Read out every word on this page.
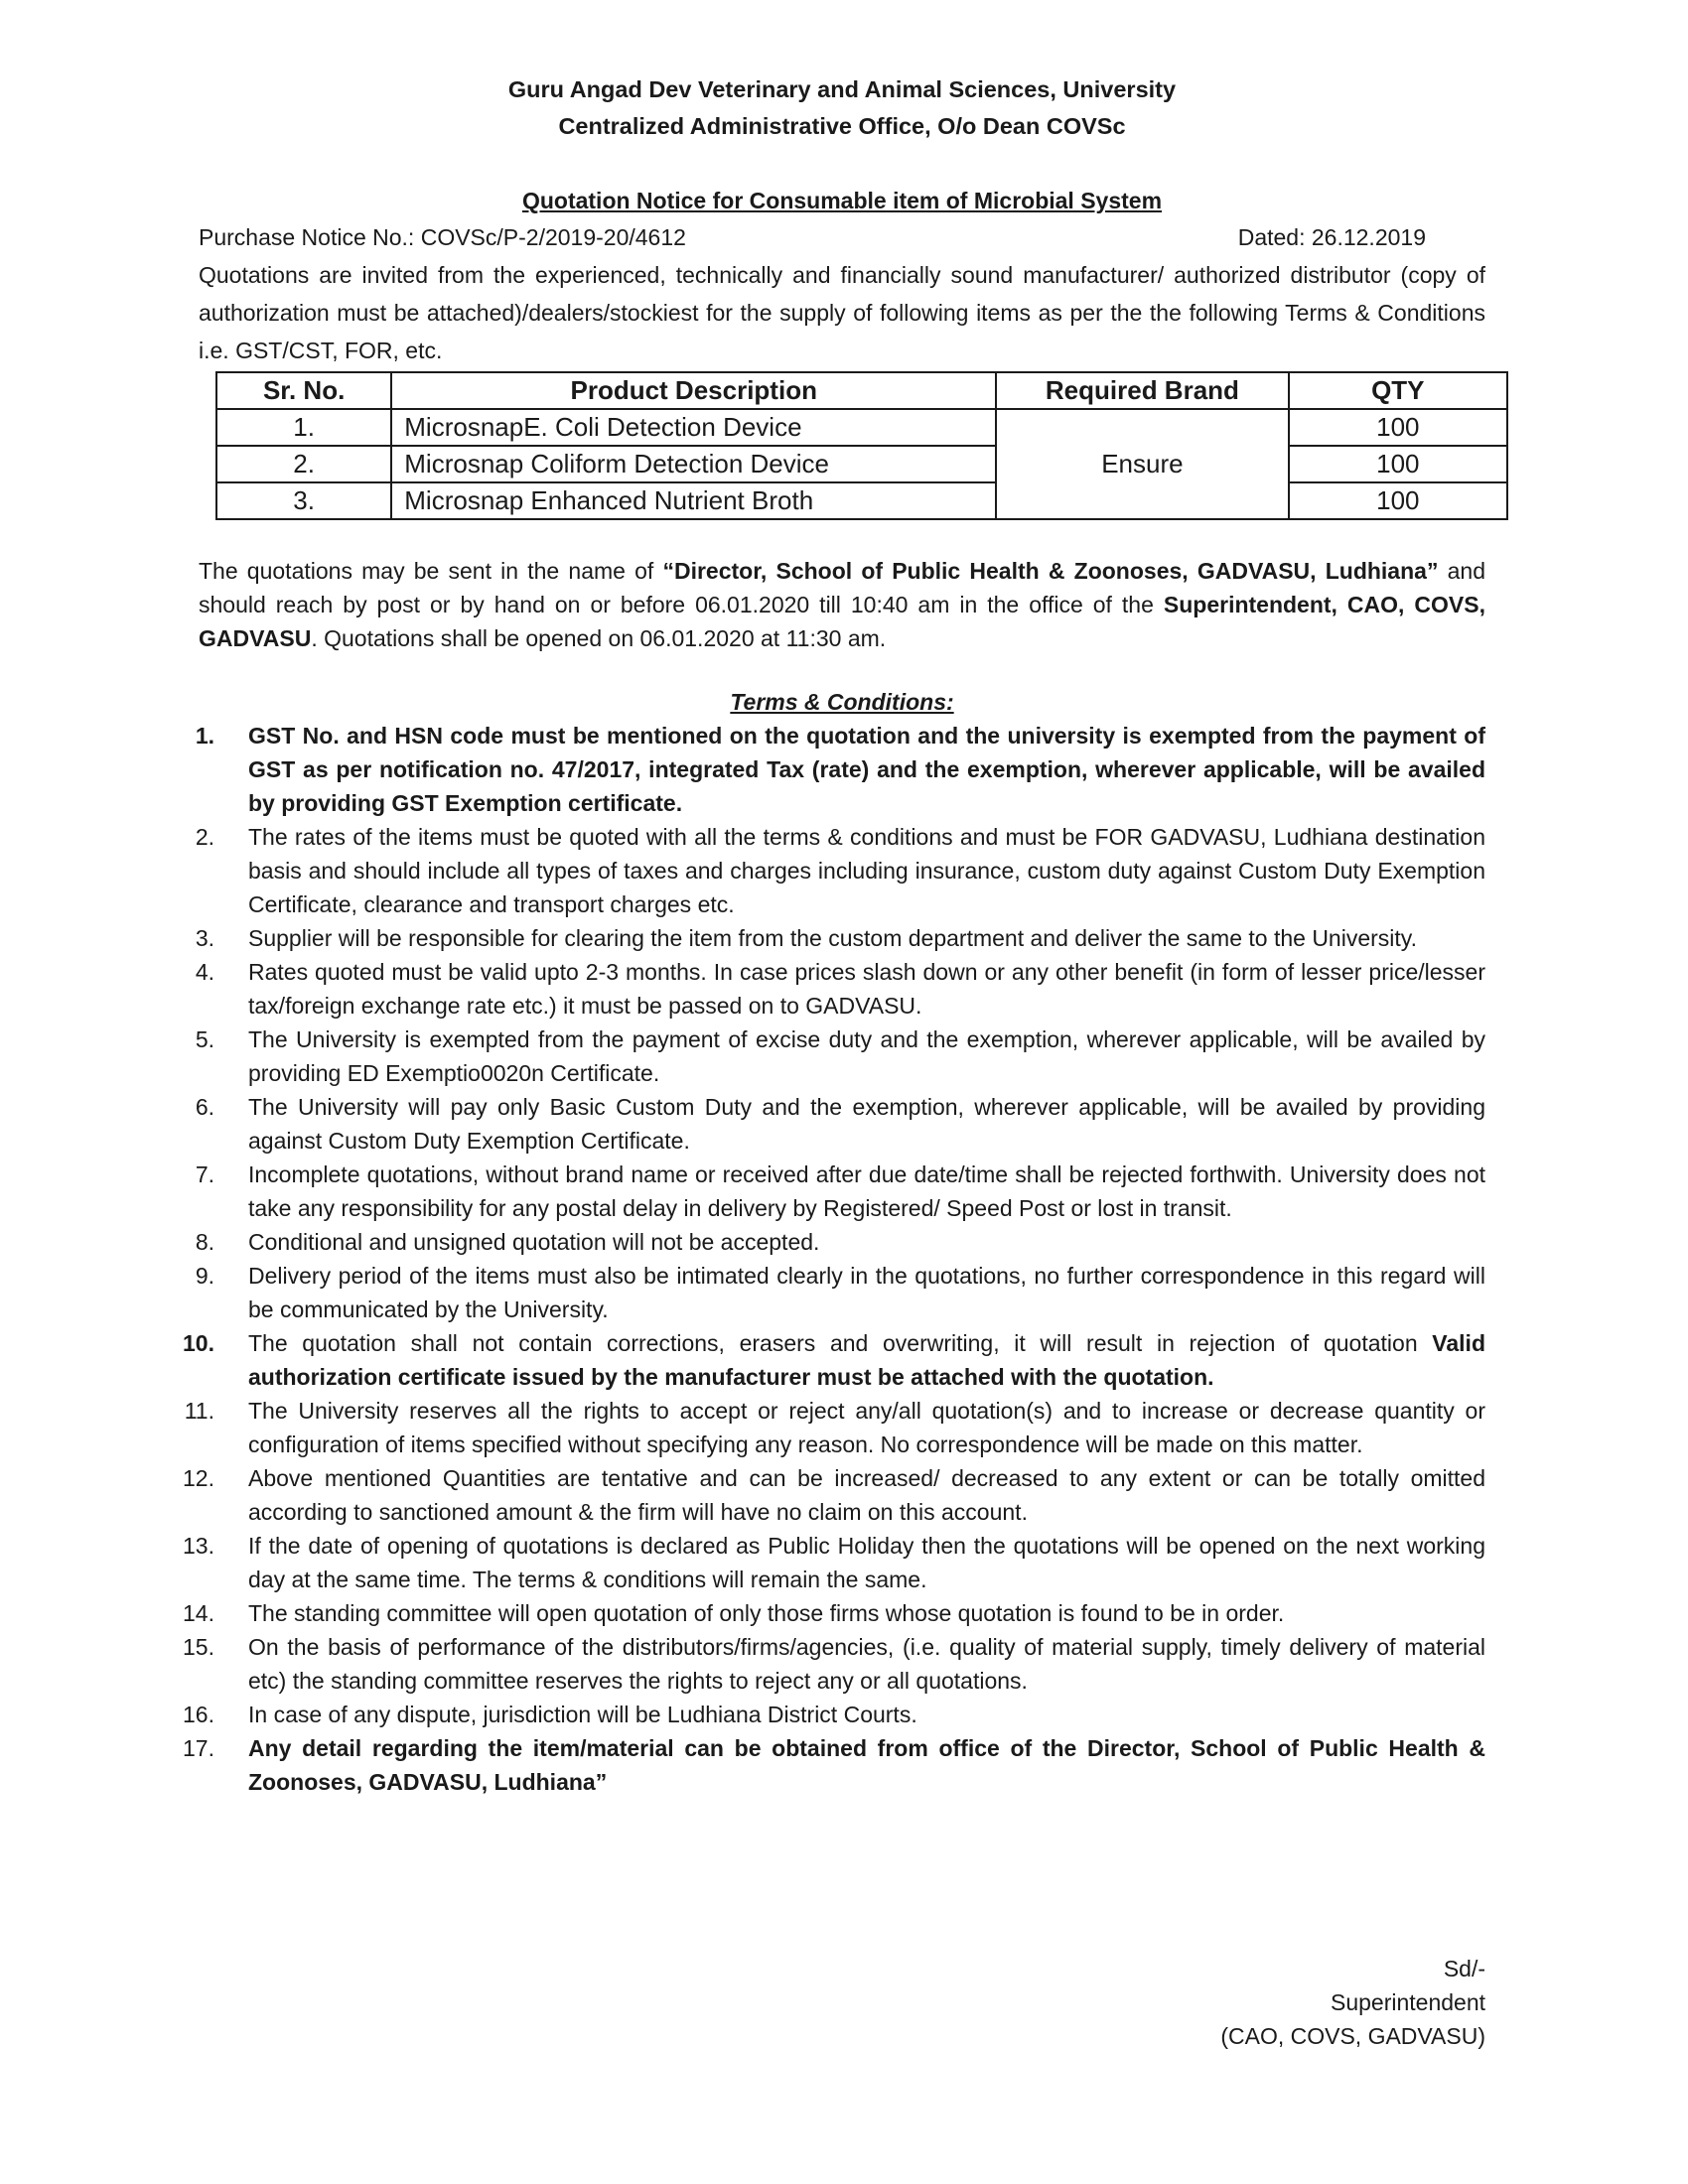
Guru Angad Dev Veterinary and Animal Sciences, University
Centralized Administrative Office, O/o Dean COVSc
Quotation Notice for Consumable item of Microbial System
Purchase Notice No.: COVSc/P-2/2019-20/4612	Dated: 26.12.2019
Quotations are invited from the experienced, technically and financially sound manufacturer/ authorized distributor (copy of authorization must be attached)/dealers/stockiest for the supply of following items as per the the following Terms & Conditions i.e. GST/CST, FOR, etc.
Sr. No.	Product Description	Required Brand	QTY
1.	MicrosnapE. Coli Detection Device	Ensure	100
2.	Microsnap Coliform Detection Device		100
3.	Microsnap Enhanced Nutrient Broth		100
The quotations may be sent in the name of “Director, School of Public Health & Zoonoses, GADVASU, Ludhiana” and should reach by post or by hand on or before 06.01.2020 till 10:40 am in the office of the Superintendent, CAO, COVS, GADVASU. Quotations shall be opened on 06.01.2020 at 11:30 am.
Terms & Conditions:
1.	GST No. and HSN code must be mentioned on the quotation and the university is exempted from the payment of GST as per notification no. 47/2017, integrated Tax (rate) and the exemption, wherever applicable, will be availed by providing GST Exemption certificate.
2.	The rates of the items must be quoted with all the terms & conditions and must be FOR GADVASU, Ludhiana destination basis and should include all types of taxes and charges including insurance, custom duty against Custom Duty Exemption Certificate, clearance and transport charges etc.
3.	Supplier will be responsible for clearing the item from the custom department and deliver the same to the University.
4.	Rates quoted must be valid upto 2-3 months. In case prices slash down or any other benefit (in form of lesser price/lesser tax/foreign exchange rate etc.) it must be passed on to GADVASU.
5.	The University is exempted from the payment of excise duty and the exemption, wherever applicable, will be availed by providing ED Exemptio0020n Certificate.
6.	The University will pay only Basic Custom Duty and the exemption, wherever applicable, will be availed by providing against Custom Duty Exemption Certificate.
7.	Incomplete quotations, without brand name or received after due date/time shall be rejected forthwith. University does not take any responsibility for any postal delay in delivery by Registered/ Speed Post or lost in transit.
8.	Conditional and unsigned quotation will not be accepted.
9.	Delivery period of the items must also be intimated clearly in the quotations, no further correspondence in this regard will be communicated by the University.
10.	The quotation shall not contain corrections, erasers and overwriting, it will result in rejection of quotation Valid authorization certificate issued by the manufacturer must be attached with the quotation.
11.	The University reserves all the rights to accept or reject any/all quotation(s) and to increase or decrease quantity or configuration of items specified without specifying any reason. No correspondence will be made on this matter.
12.	Above mentioned Quantities are tentative and can be increased/ decreased to any extent or can be totally omitted according to sanctioned amount & the firm will have no claim on this account.
13.	If the date of opening of quotations is declared as Public Holiday then the quotations will be opened on the next working day at the same time. The terms & conditions will remain the same.
14.	The standing committee will open quotation of only those firms whose quotation is found to be in order.
15.	On the basis of performance of the distributors/firms/agencies, (i.e. quality of material supply, timely delivery of material etc) the standing committee reserves the rights to reject any or all quotations.
16.	In case of any dispute, jurisdiction will be Ludhiana District Courts.
17.	Any detail regarding the item/material can be obtained from office of the Director, School of Public Health & Zoonoses, GADVASU, Ludhiana”
Sd/-
Superintendent
(CAO, COVS, GADVASU)
